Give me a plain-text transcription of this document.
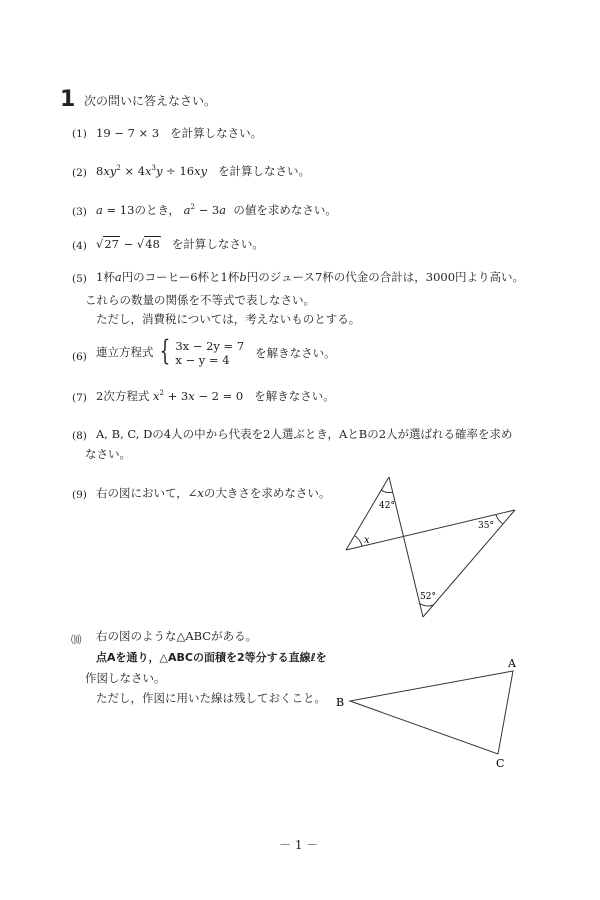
1 次の問いに答えなさい。
(1) 19 − 7 × 3 を計算しなさい。
(2) $8xy^2 \times 4x^3y \div 16xy$ を計算しなさい。
(3) a = 13のとき， $a^2 - 3a$ の値を求めなさい。
(4) √27 − √48 を計算しなさい。
(5) 1杯a円のコーヒー6杯と1杯b円のジュース7杯の代金の合計は，3000円より高い。
これらの数量の関係を不等式で表しなさい。
ただし，消費税については，考えないものとする。
(6) 連立方程式 { 3x − 2y = 7
x − y = 4	を解きなさい。
(7) 2次方程式 $x^2 + 3x - 2 = 0$ を解きなさい。
(8) A, B, C, Dの4人の中から代表を2人選ぶとき，AとBの2人が選ばれる確率を求め
なさい。
(9) 右の図において，∠xの大きさを求めなさい。
42°
35°
52°
x
⑽ 右の図のような△ABCがある。
点Aを通り，△ABCの面積を2等分する直線ℓを
作図しなさい。
ただし，作図に用いた線は残しておくこと。
A
B
C
－ 1 －
